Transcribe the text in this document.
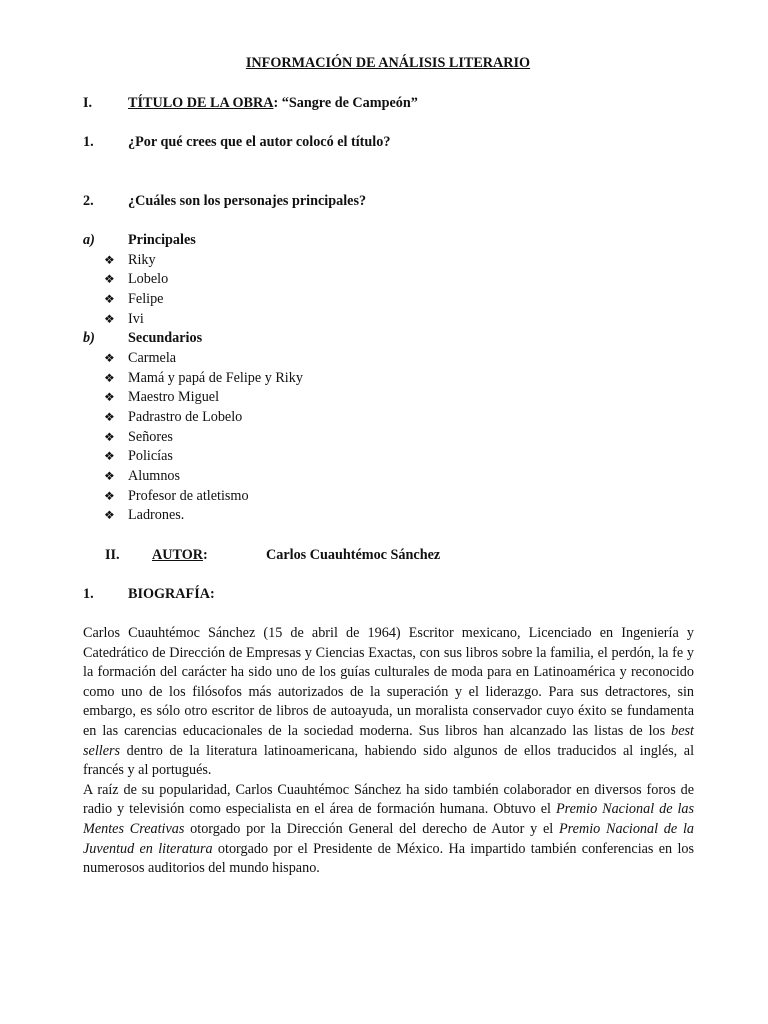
INFORMACIÓN DE ANÁLISIS LITERARIO
I.	TÍTULO DE LA OBRA: “Sangre de Campeón”
1. ¿Por qué crees que el autor colocó el título?
2. ¿Cuáles son los personajes principales?
a) Principales
❖ Riky
❖ Lobelo
❖ Felipe
❖ Ivi
b) Secundarios
❖ Carmela
❖ Mamá y papá de Felipe y Riky
❖ Maestro Miguel
❖ Padrastro de Lobelo
❖ Señores
❖ Policías
❖ Alumnos
❖ Profesor de atletismo
❖ Ladrones.
II. AUTOR:	Carlos Cuauhtémoc Sánchez
1. BIOGRAFÍA:

Carlos Cuauhtémoc Sánchez (15 de abril de 1964) Escritor mexicano, Licenciado en Ingeniería y Catedrático de Dirección de Empresas y Ciencias Exactas, con sus libros sobre la familia, el perdón, la fe y la formación del carácter ha sido uno de los guías culturales de moda para en Latinoamérica y reconocido como uno de los filósofos más autorizados de la superación y el liderazgo. Para sus detractores, sin embargo, es sólo otro escritor de libros de autoayuda, un moralista conservador cuyo éxito se fundamenta en las carencias educacionales de la sociedad moderna. Sus libros han alcanzado las listas de los best sellers dentro de la literatura latinoamericana, habiendo sido algunos de ellos traducidos al inglés, al francés y al portugués.

A raíz de su popularidad, Carlos Cuauhtémoc Sánchez ha sido también colaborador en diversos foros de radio y televisión como especialista en el área de formación humana. Obtuvo el Premio Nacional de las Mentes Creativas otorgado por la Dirección General del derecho de Autor y el Premio Nacional de la Juventud en literatura otorgado por el Presidente de México. Ha impartido también conferencias en los numerosos auditorios del mundo hispano.
